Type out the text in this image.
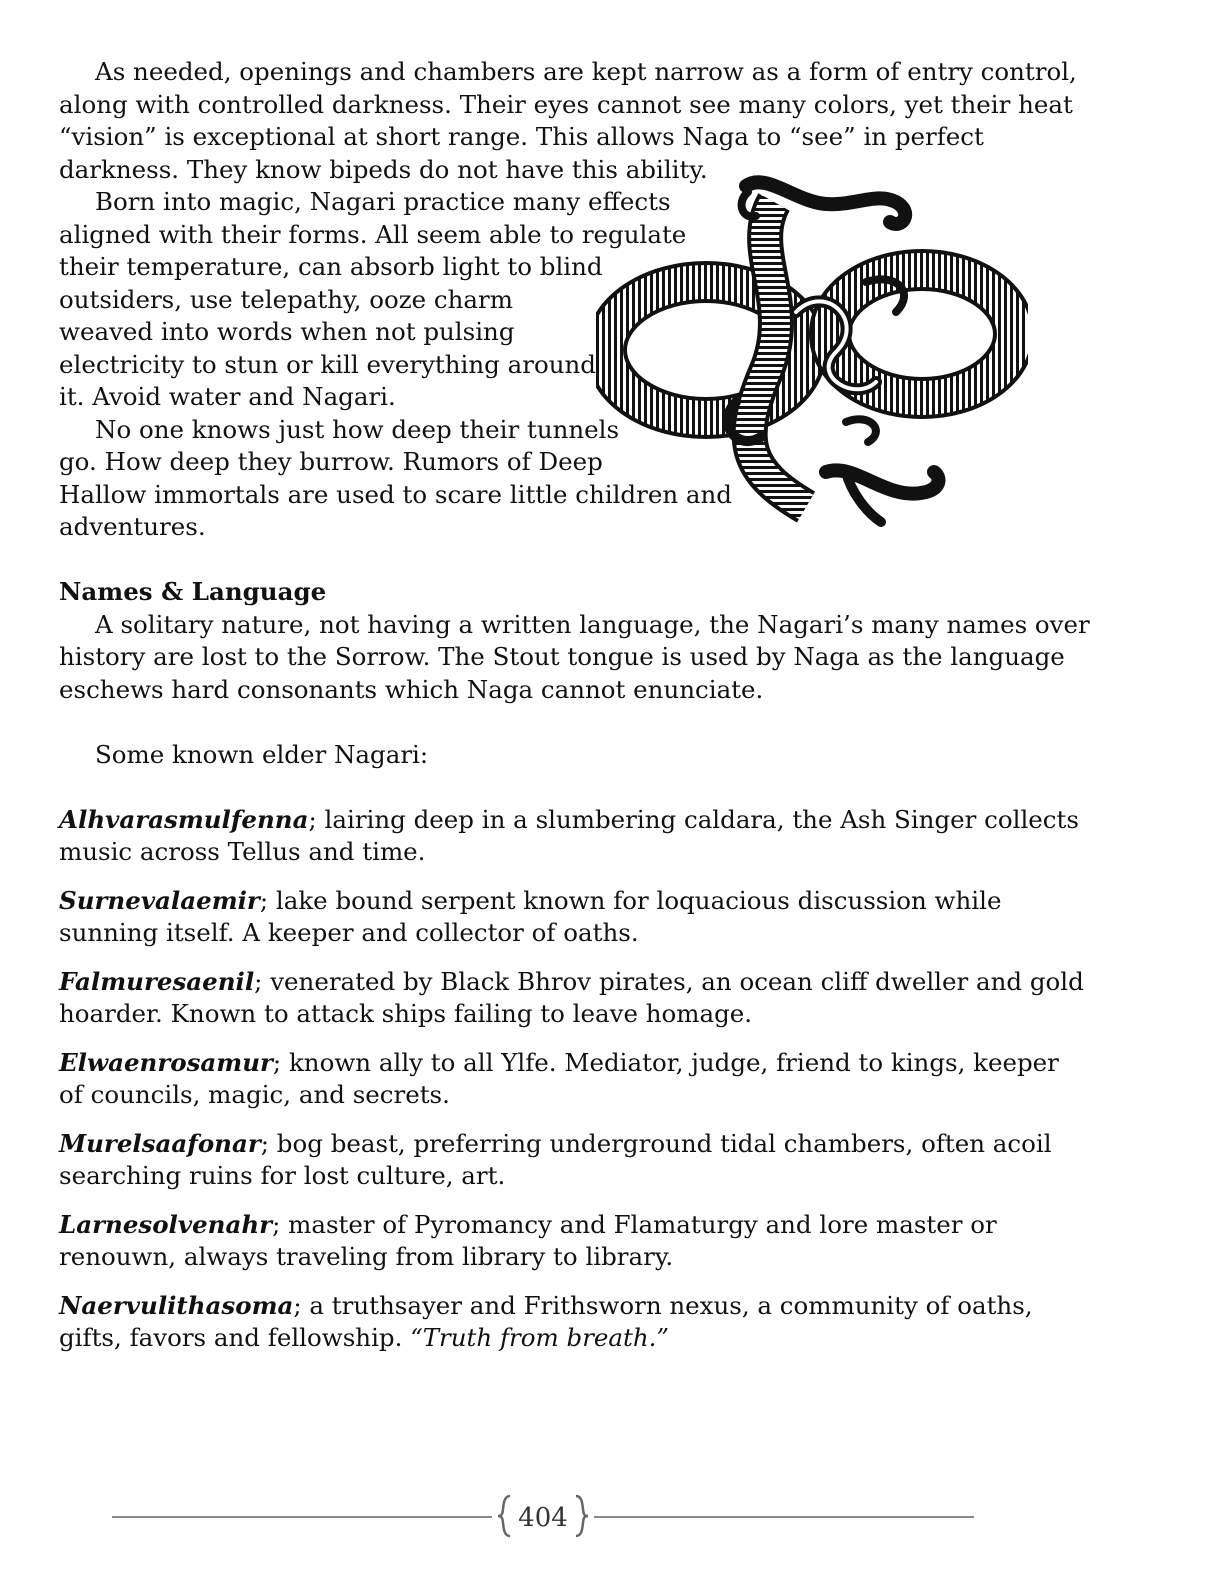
As needed, openings and chambers are kept narrow as a form of entry control,

along with controlled darkness. Their eyes cannot see many colors, yet their heat

“vision” is exceptional at short range. This allows Naga to “see” in perfect

darkness. They know bipeds do not have this ability.

Born into magic, Nagari practice many effects

aligned with their forms. All seem able to regulate

their temperature, can absorb light to blind

outsiders, use telepathy, ooze charm

weaved into words when not pulsing

electricity to stun or kill everything around

it. Avoid water and Nagari.

No one knows just how deep their tunnels

go. How deep they burrow. Rumors of Deep

Hallow immortals are used to scare little children and

adventures.

Names & Language

A solitary nature, not having a written language, the Nagari’s many names over

history are lost to the Sorrow. The Stout tongue is used by Naga as the language

eschews hard consonants which Naga cannot enunciate.

Some known elder Nagari:

Alhvarasmulfenna; lairing deep in a slumbering caldara, the Ash Singer collects

music across Tellus and time.

Surnevalaemir; lake bound serpent known for loquacious discussion while

sunning itself. A keeper and collector of oaths.

Falmuresaenil; venerated by Black Bhrov pirates, an ocean cliff dweller and gold

hoarder. Known to attack ships failing to leave homage.

Elwaenrosamur; known ally to all Ylfe. Mediator, judge, friend to kings, keeper

of councils, magic, and secrets.

Murelsaafonar; bog beast, preferring underground tidal chambers, often acoil

searching ruins for lost culture, art.

Larnesolvenahr; master of Pyromancy and Flamaturgy and lore master or

renouwn, always traveling from library to library.

Naervulithasoma; a truthsayer and Frithsworn nexus, a community of oaths,

gifts, favors and fellowship. “Truth from breath.”

404
